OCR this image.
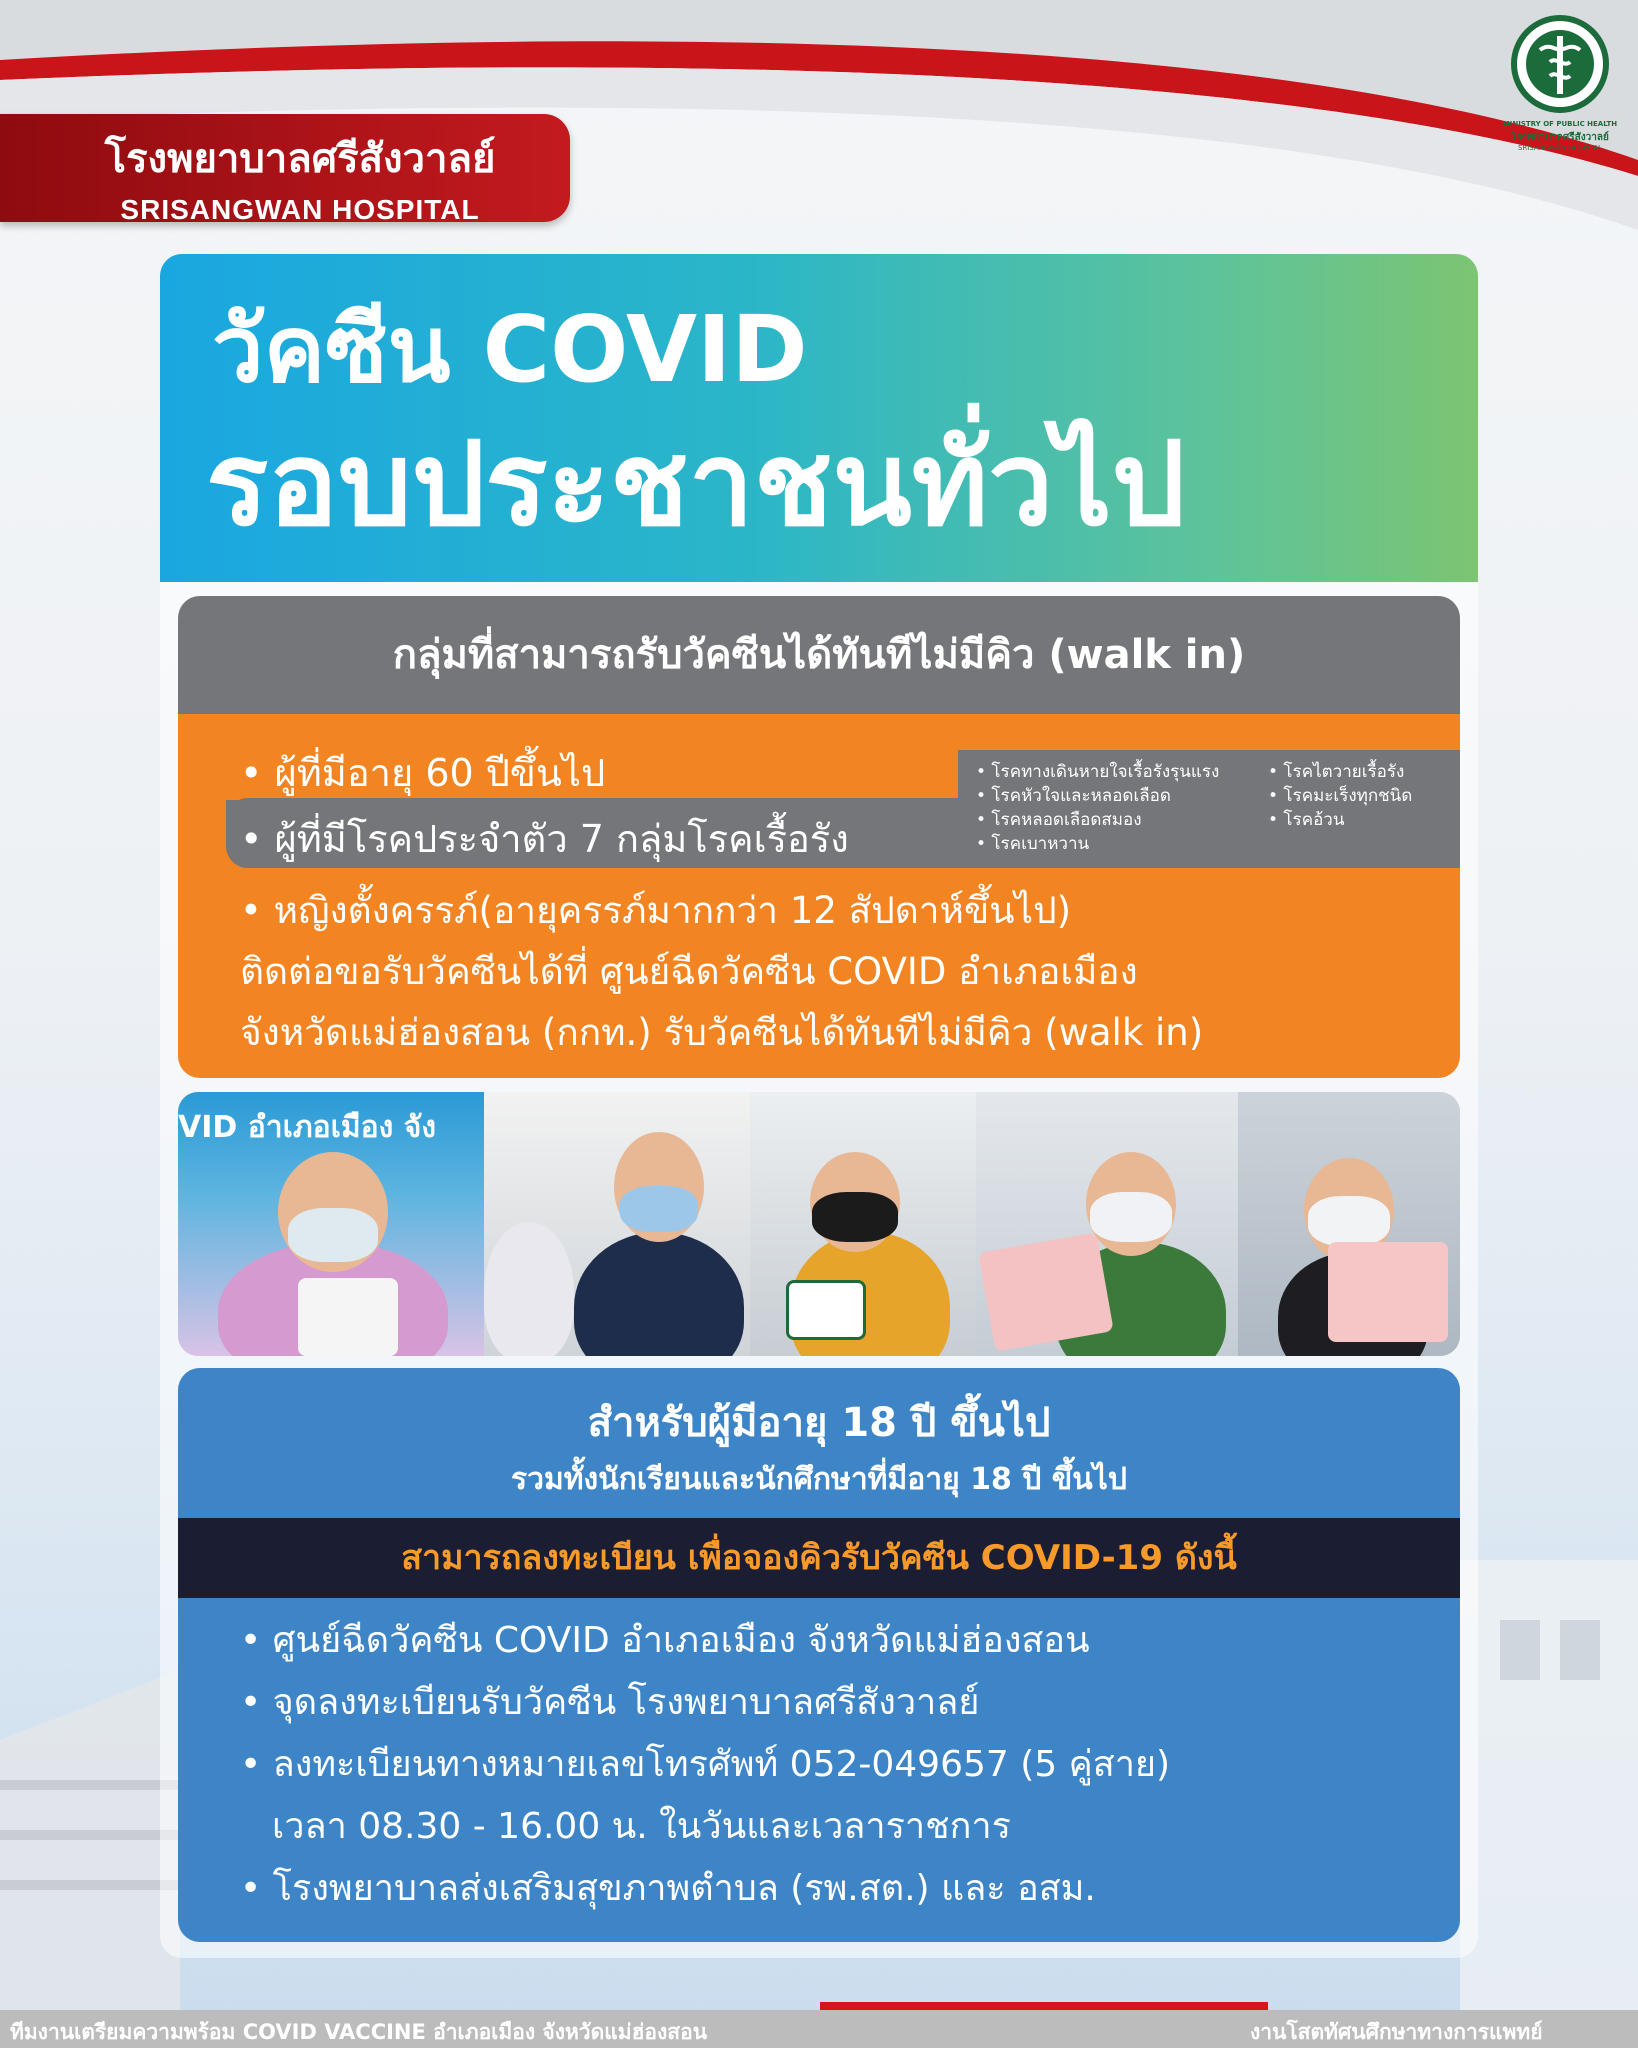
โรงพยาบาลศรีสังวาลย์
SRISANGWAN HOSPITAL
MINISTRY OF PUBLIC HEALTH
โรงพยาบาลศรีสังวาลย์
SRISANGWAN HOSPITAL
วัคซีน COVID
รอบประชาชนทั่วไป
กลุ่มที่สามารถรับวัคซีนได้ทันทีไม่มีคิว (walk in)
• ผู้ที่มีอายุ 60 ปีขึ้นไป
• ผู้ที่มีโรคประจำตัว 7 กลุ่มโรคเรื้อรัง
• โรคทางเดินหายใจเรื้อรังรุนแรง
• โรคหัวใจและหลอดเลือด
• โรคหลอดเลือดสมอง
• โรคเบาหวาน
• โรคไตวายเรื้อรัง
• โรคมะเร็งทุกชนิด
• โรคอ้วน
• หญิงตั้งครรภ์(อายุครรภ์มากกว่า 12 สัปดาห์ขึ้นไป)
ติดต่อขอรับวัคซีนได้ที่ ศูนย์ฉีดวัคซีน COVID อำเภอเมือง
จังหวัดแม่ฮ่องสอน (กกท.) รับวัคซีนได้ทันทีไม่มีคิว (walk in)
VID อำเภอเมือง จัง
สำหรับผู้มีอายุ 18 ปี ขึ้นไป
รวมทั้งนักเรียนและนักศึกษาที่มีอายุ 18 ปี ขึ้นไป
สามารถลงทะเบียน เพื่อจองคิวรับวัคซีน COVID-19 ดังนี้
• ศูนย์ฉีดวัคซีน COVID อำเภอเมือง จังหวัดแม่ฮ่องสอน
• จุดลงทะเบียนรับวัคซีน โรงพยาบาลศรีสังวาลย์
• ลงทะเบียนทางหมายเลขโทรศัพท์ 052-049657 (5 คู่สาย)
เวลา 08.30 - 16.00 น. ในวันและเวลาราชการ
• โรงพยาบาลส่งเสริมสุขภาพตำบล (รพ.สต.) และ อสม.
ทีมงานเตรียมความพร้อม COVID VACCINE อำเภอเมือง จังหวัดแม่ฮ่องสอน	งานโสตทัศนศึกษาทางการแพทย์
